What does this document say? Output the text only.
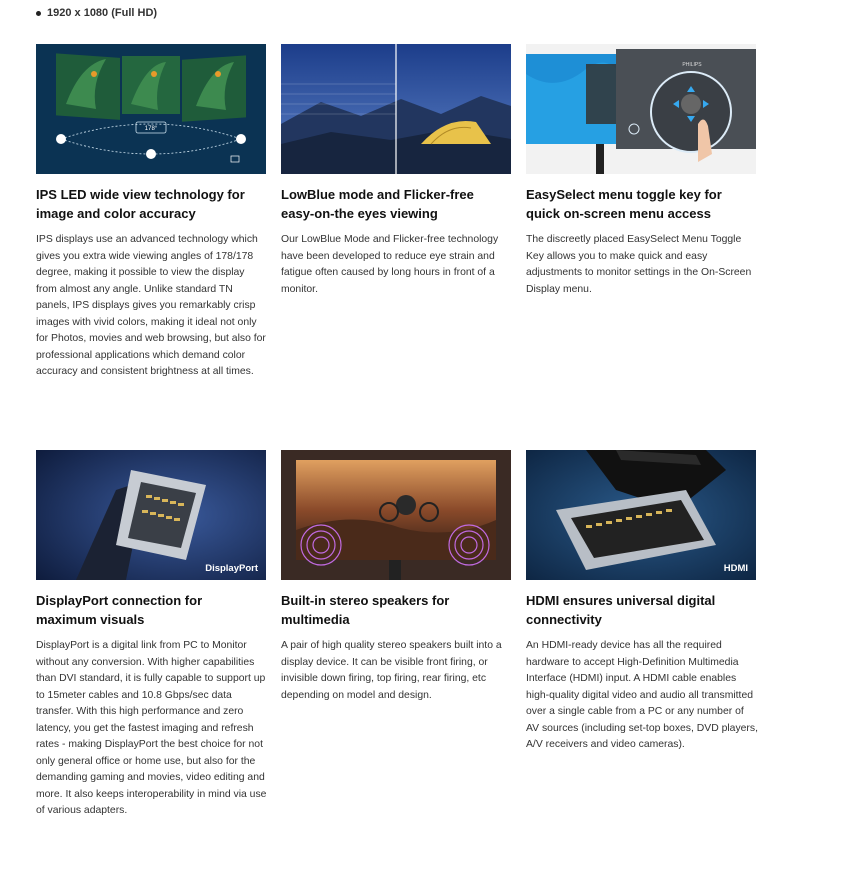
1920 x 1080 (Full HD)
178°
IPS LED wide view technology for image and color accuracy
IPS displays use an advanced technology which gives you extra wide viewing angles of 178/178 degree, making it possible to view the display from almost any angle. Unlike standard TN panels, IPS displays gives you remarkably crisp images with vivid colors, making it ideal not only for Photos, movies and web browsing, but also for professional applications which demand color accuracy and consistent brightness at all times.
LowBlue mode and Flicker-free easy-on-the eyes viewing
Our LowBlue Mode and Flicker-free technology have been developed to reduce eye strain and fatigue often caused by long hours in front of a monitor.
PHILIPS
EasySelect menu toggle key for quick on-screen menu access
The discreetly placed EasySelect Menu Toggle Key allows you to make quick and easy adjustments to monitor settings in the On-Screen Display menu.
DisplayPort
DisplayPort connection for maximum visuals
DisplayPort is a digital link from PC to Monitor without any conversion. With higher capabilities than DVI standard, it is fully capable to support up to 15meter cables and 10.8 Gbps/sec data transfer. With this high performance and zero latency, you get the fastest imaging and refresh rates - making DisplayPort the best choice for not only general office or home use, but also for the demanding gaming and movies, video editing and more. It also keeps interoperability in mind via use of various adapters.
Built-in stereo speakers for multimedia
A pair of high quality stereo speakers built into a display device. It can be visible front firing, or invisible down firing, top firing, rear firing, etc depending on model and design.
HDMI
HDMI ensures universal digital connectivity
An HDMI-ready device has all the required hardware to accept High-Definition Multimedia Interface (HDMI) input. A HDMI cable enables high-quality digital video and audio all transmitted over a single cable from a PC or any number of AV sources (including set-top boxes, DVD players, A/V receivers and video cameras).
